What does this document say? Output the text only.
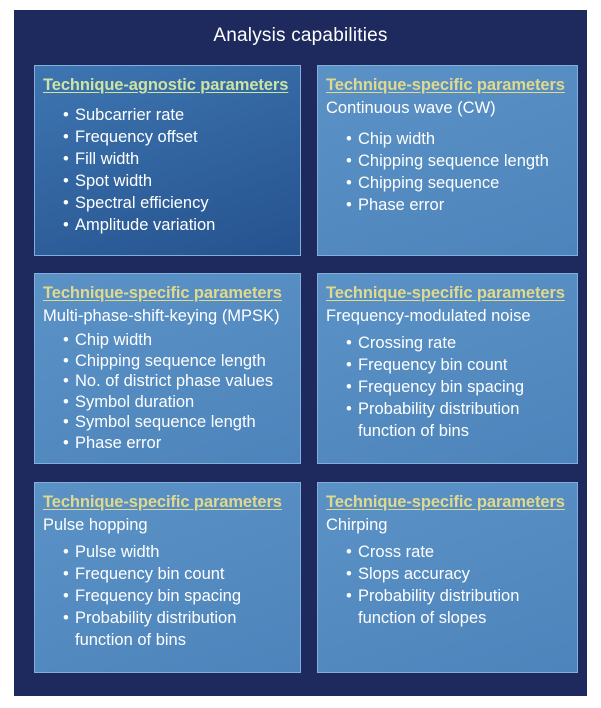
Analysis capabilities
Technique-agnostic parameters
• Subcarrier rate
• Frequency offset
• Fill width
• Spot width
• Spectral efficiency
• Amplitude variation
Technique-specific parameters
Continuous wave (CW)
• Chip width
• Chipping sequence length
• Chipping sequence
• Phase error
Technique-specific parameters
Multi-phase-shift-keying (MPSK)
• Chip width
• Chipping sequence length
• No. of district phase values
• Symbol duration
• Symbol sequence length
• Phase error
Technique-specific parameters
Frequency-modulated noise
• Crossing rate
• Frequency bin count
• Frequency bin spacing
• Probability distribution
function of bins
Technique-specific parameters
Pulse hopping
• Pulse width
• Frequency bin count
• Frequency bin spacing
• Probability distribution
function of bins
Technique-specific parameters
Chirping
• Cross rate
• Slops accuracy
• Probability distribution
function of slopes
